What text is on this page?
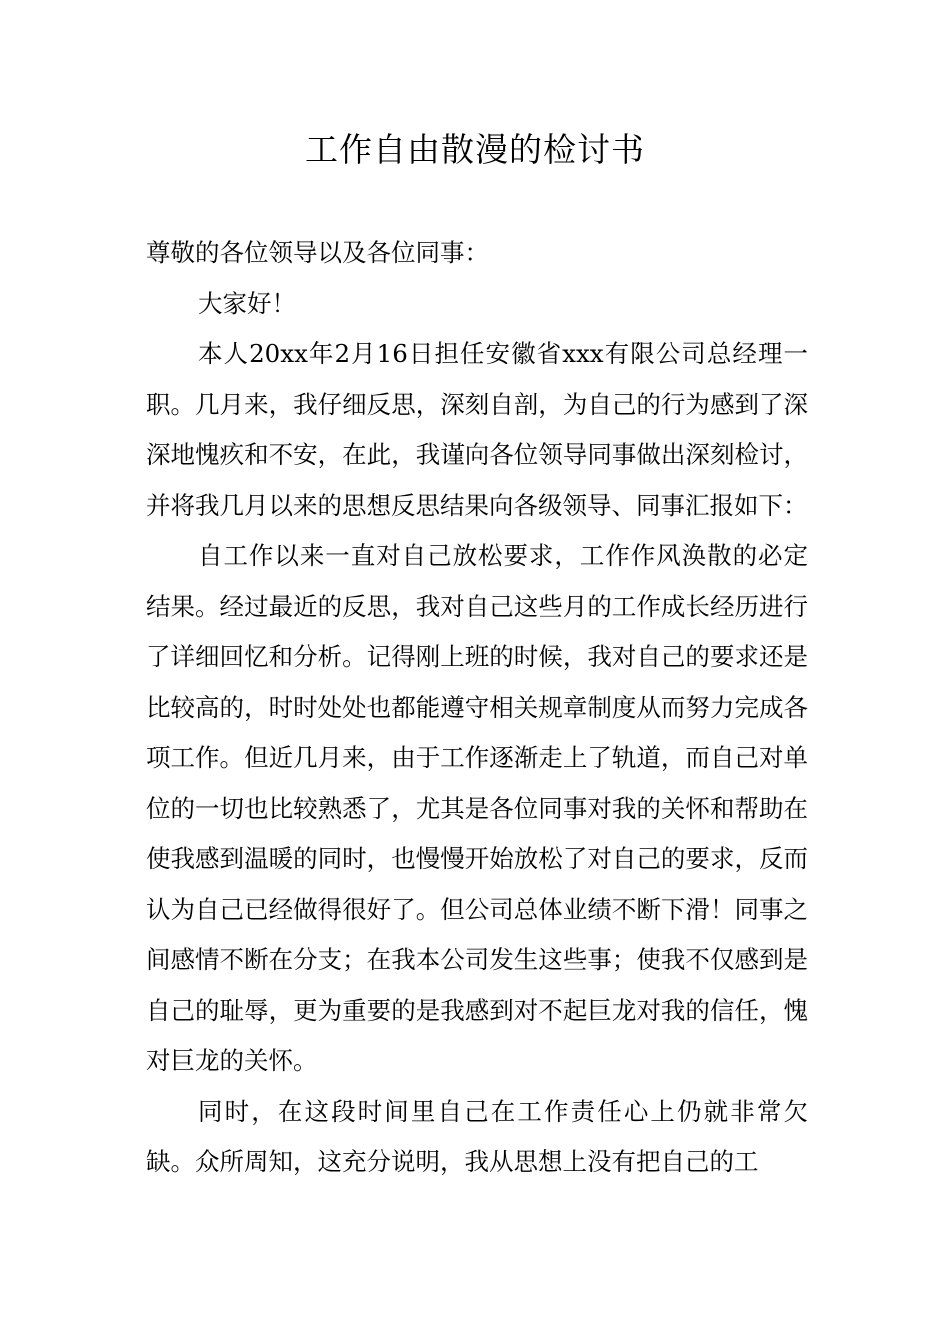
工作自由散漫的检讨书

尊敬的各位领导以及各位同事：

大家好！

本人20xx年2月16日担任安徽省xxx有限公司总经理一职。几月来，我仔细反思，深刻自剖，为自己的行为感到了深深地愧疚和不安，在此，我谨向各位领导同事做出深刻检讨，并将我几月以来的思想反思结果向各级领导、同事汇报如下：

自工作以来一直对自己放松要求，工作作风涣散的必定结果。经过最近的反思，我对自己这些月的工作成长经历进行了详细回忆和分析。记得刚上班的时候，我对自己的要求还是比较高的，时时处处也都能遵守相关规章制度从而努力完成各项工作。但近几月来，由于工作逐渐走上了轨道，而自己对单位的一切也比较熟悉了，尤其是各位同事对我的关怀和帮助在使我感到温暖的同时，也慢慢开始放松了对自己的要求，反而认为自己已经做得很好了。但公司总体业绩不断下滑！同事之间感情不断在分支；在我本公司发生这些事；使我不仅感到是自己的耻辱，更为重要的是我感到对不起巨龙对我的信任，愧对巨龙的关怀。

同时，在这段时间里自己在工作责任心上仍就非常欠缺。众所周知，这充分说明，我从思想上没有把自己的工
